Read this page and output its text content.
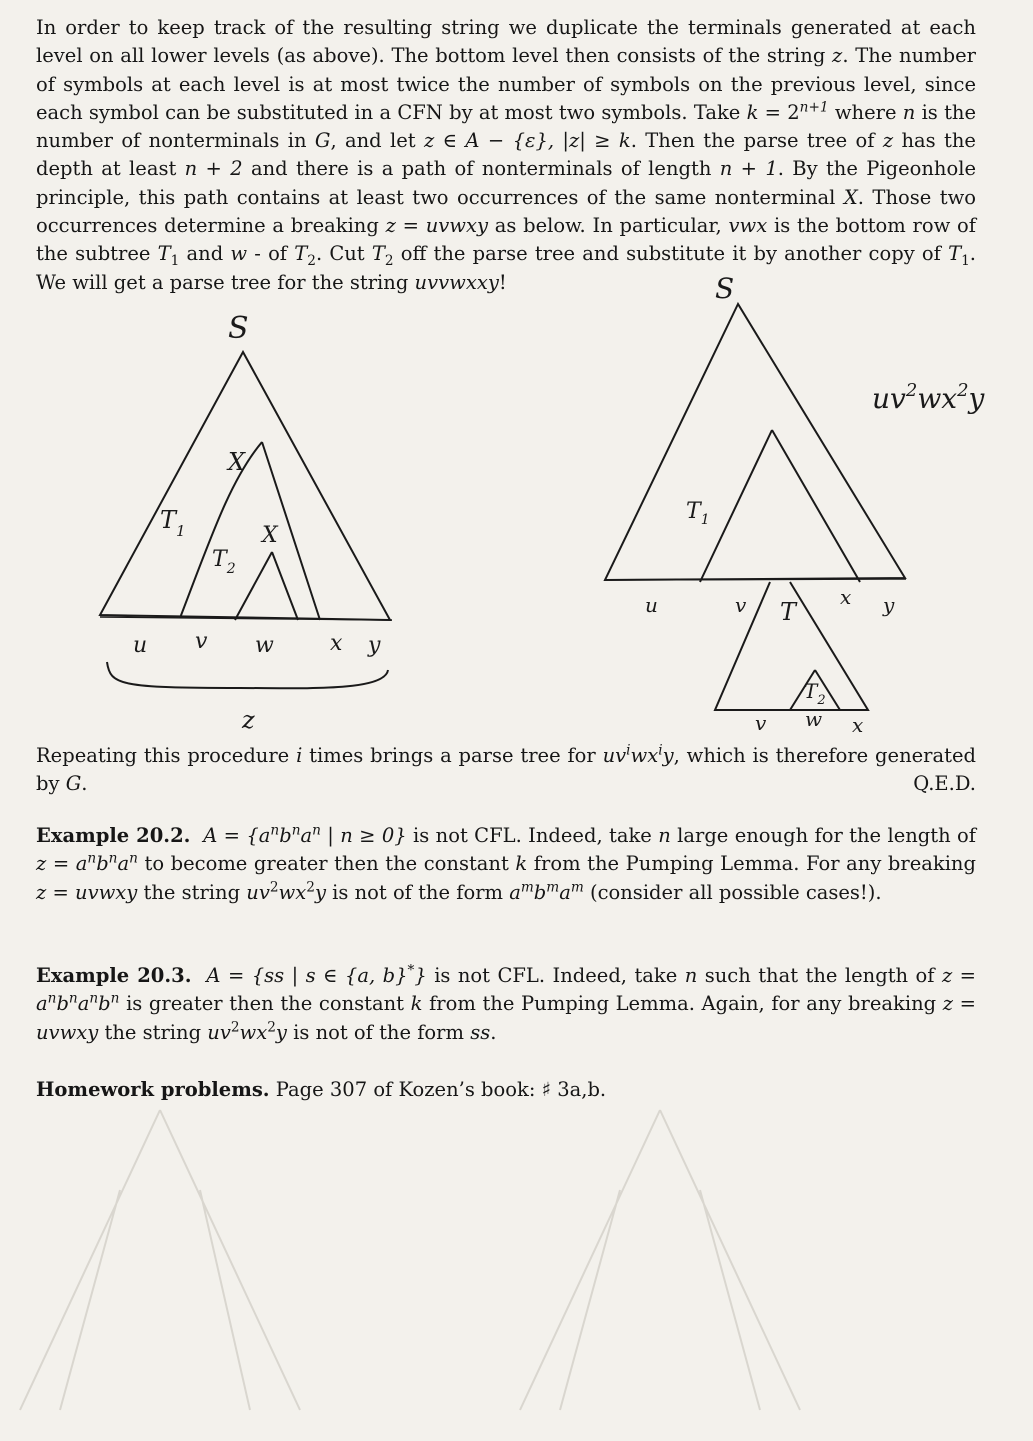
In order to keep track of the resulting string we duplicate the terminals generated at each level on all lower levels (as above). The bottom level then consists of the string z. The number of symbols at each level is at most twice the number of symbols on the previous level, since each symbol can be substituted in a CFN by at most two symbols. Take $k = 2^{n+1}$ where n is the number of nonterminals in G, and let z ∈ A − {ε}, |z| ≥ k. Then the parse tree of z has the depth at least n + 2 and there is a path of nonterminals of length n + 1. By the Pigeonhole principle, this path contains at least two occurrences of the same nonterminal X. Those two occurrences determine a breaking z = uvwxy as below. In particular, vwx is the bottom row of the subtree $T_1$ and w - of $T_2$. Cut $T_2$ off the parse tree and substitute it by another copy of $T_1$. We will get a parse tree for the string uvvwxxy!

S
X
$T_1$	X
$T_2$
u v w	x y
z
S
$T_1$
T
$T_2$
u	v	x y
v w x
$uv^2wx^2y$

Repeating this procedure i times brings a parse tree for $uv^iwx^iy$, which is therefore generated by G.	Q.E.D.

Example 20.2. $A = \{a^nb^na^n$ | n ≥ 0} is not CFL. Indeed, take n large enough for the length of $z = a^nb^na^n$ to become greater then the constant k from the Pumping Lemma. For any breaking z = uvwxy the string $uv^2wx^2y$ is not of the form $a^mb^ma^m$ (consider all possible cases!).

Example 20.3. A = {ss | s ∈ {a, b}*} is not CFL. Indeed, take n such that the length of $z = a^nb^na^nb^n$ is greater then the constant k from the Pumping Lemma. Again, for any breaking z = uvwxy the string $uv^2wx^2y$ is not of the form ss.

Homework problems. Page 307 of Kozen’s book: ♯ 3a,b.
